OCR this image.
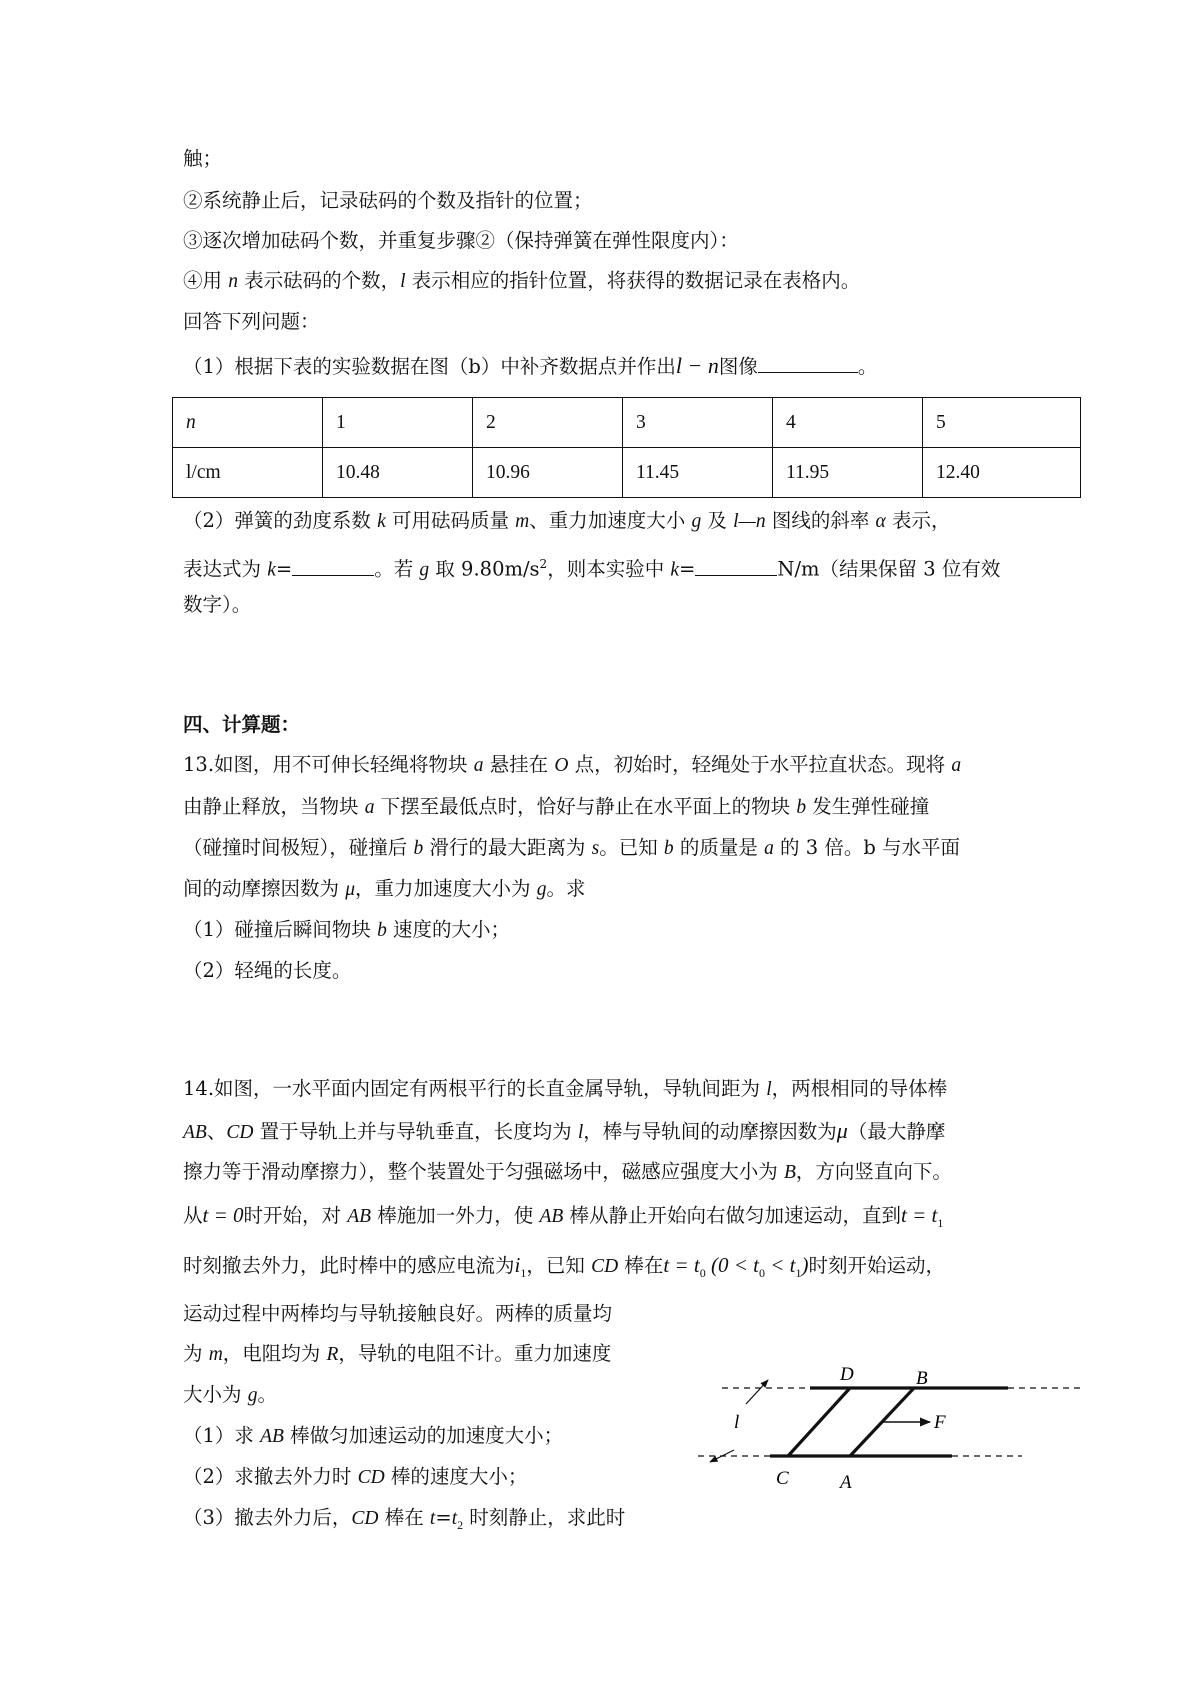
触；
②系统静止后，记录砝码的个数及指针的位置；
③逐次增加砝码个数，并重复步骤②（保持弹簧在弹性限度内）：
④用 n 表示砝码的个数，l 表示相应的指针位置，将获得的数据记录在表格内。
回答下列问题：
（1）根据下表的实验数据在图（b）中补齐数据点并作出l − n图像	。
n	1	2	3	4	5
l/cm	10.48	10.96	11.45	11.95	12.40
（2）弹簧的劲度系数 k 可用砝码质量 m、重力加速度大小 g 及 l—n 图线的斜率 α 表示，
表达式为 k=	。若 g 取 $9.80m/s^2$，则本实验中 k=	N/m（结果保留 3 位有效
数字）。
四、计算题：
13.如图，用不可伸长轻绳将物块 a 悬挂在 O 点，初始时，轻绳处于水平拉直状态。现将 a
由静止释放，当物块 a 下摆至最低点时，恰好与静止在水平面上的物块 b 发生弹性碰撞
（碰撞时间极短），碰撞后 b 滑行的最大距离为 s。已知 b 的质量是 a 的 3 倍。b 与水平面
间的动摩擦因数为 μ，重力加速度大小为 g。求
（1）碰撞后瞬间物块 b 速度的大小；
（2）轻绳的长度。
14.如图，一水平面内固定有两根平行的长直金属导轨，导轨间距为 l，两根相同的导体棒
AB、CD 置于导轨上并与导轨垂直，长度均为 l，棒与导轨间的动摩擦因数为μ（最大静摩
擦力等于滑动摩擦力），整个装置处于匀强磁场中，磁感应强度大小为 B，方向竖直向下。
从t = 0时开始，对 AB 棒施加一外力，使 AB 棒从静止开始向右做匀加速运动，直到$t = t_1$
时刻撤去外力，此时棒中的感应电流为$i_1$，已知 CD 棒在$t = t_0$ $(0 < t_0 < t_1)$时刻开始运动，
运动过程中两棒均与导轨接触良好。两棒的质量均
为 m，电阻均为 R，导轨的电阻不计。重力加速度
大小为 g。
（1）求 AB 棒做匀加速运动的加速度大小；
（2）求撤去外力时 CD 棒的速度大小；
（3）撤去外力后，CD 棒在 $t=t_2$ 时刻静止，求此时
D	B
C	A
F
l
